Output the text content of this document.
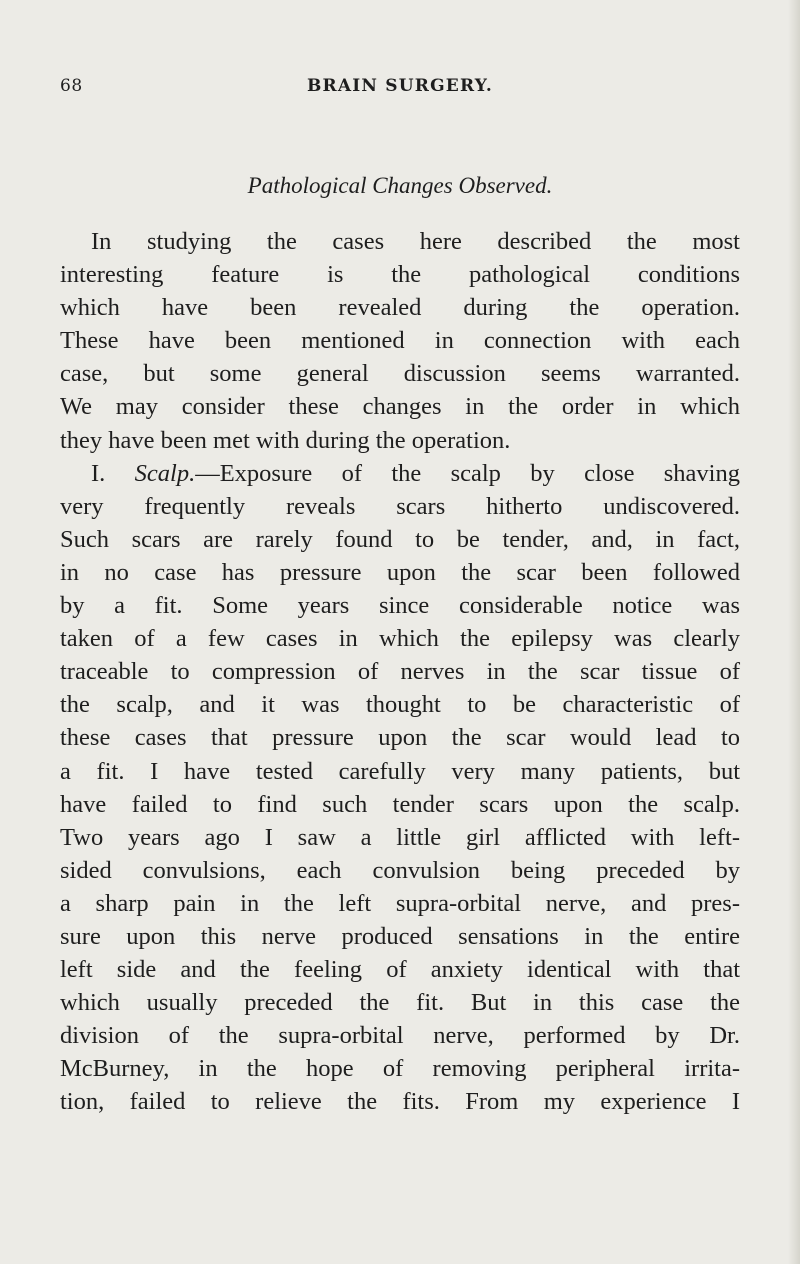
68	BRAIN SURGERY.
Pathological Changes Observed.
In studying the cases here described the most
interesting feature is the pathological conditions
which have been revealed during the operation.
These have been mentioned in connection with each
case, but some general discussion seems warranted.
We may consider these changes in the order in which
they have been met with during the operation.
I. Scalp.—Exposure of the scalp by close shaving
very frequently reveals scars hitherto undiscovered.
Such scars are rarely found to be tender, and, in fact,
in no case has pressure upon the scar been followed
by a fit. Some years since considerable notice was
taken of a few cases in which the epilepsy was clearly
traceable to compression of nerves in the scar tissue of
the scalp, and it was thought to be characteristic of
these cases that pressure upon the scar would lead to
a fit. I have tested carefully very many patients, but
have failed to find such tender scars upon the scalp.
Two years ago I saw a little girl afflicted with left-
sided convulsions, each convulsion being preceded by
a sharp pain in the left supra-orbital nerve, and pres-
sure upon this nerve produced sensations in the entire
left side and the feeling of anxiety identical with that
which usually preceded the fit. But in this case the
division of the supra-orbital nerve, performed by Dr.
McBurney, in the hope of removing peripheral irrita-
tion, failed to relieve the fits. From my experience I
